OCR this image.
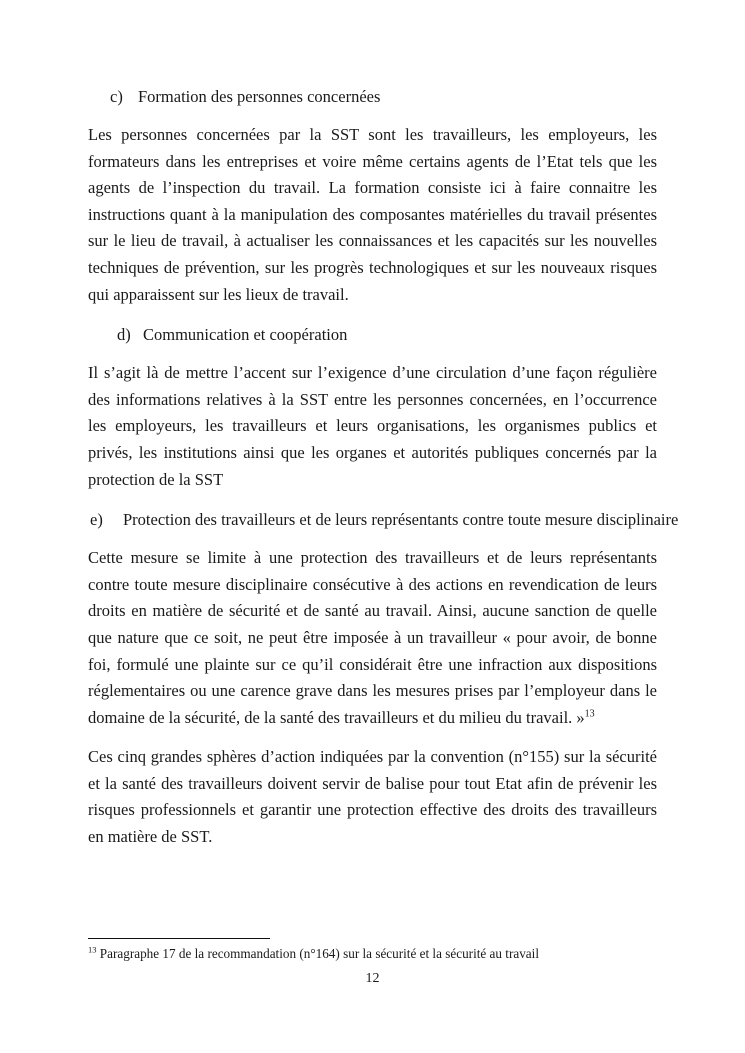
c) Formation des personnes concernées

Les personnes concernées par la SST sont les travailleurs, les employeurs, les formateurs dans les entreprises et voire même certains agents de l’Etat tels que les agents de l’inspection du travail. La formation consiste ici à faire connaitre les instructions quant à la manipulation des composantes matérielles du travail présentes sur le lieu de travail, à actualiser les connaissances et les capacités sur les nouvelles techniques de prévention, sur les progrès technologiques et sur les nouveaux risques qui apparaissent sur les lieux de travail.

d) Communication et coopération

Il s’agit là de mettre l’accent sur l’exigence d’une circulation d’une façon régulière des informations relatives à la SST entre les personnes concernées, en l’occurrence les employeurs, les travailleurs et leurs organisations, les organismes publics et privés, les institutions ainsi que les organes et autorités publiques concernés par la protection de la SST

e) Protection des travailleurs et de leurs représentants contre toute mesure disciplinaire

Cette mesure se limite à une protection des travailleurs et de leurs représentants contre toute mesure disciplinaire consécutive à des actions en revendication de leurs droits en matière de sécurité et de santé au travail. Ainsi, aucune sanction de quelle que nature que ce soit, ne peut être imposée à un travailleur « pour avoir, de bonne foi, formulé une plainte sur ce qu’il considérait être une infraction aux dispositions réglementaires ou une carence grave dans les mesures prises par l’employeur dans le domaine de la sécurité, de la santé des travailleurs et du milieu du travail. »$^{13}$

Ces cinq grandes sphères d’action indiquées par la convention (n°155) sur la sécurité et la santé des travailleurs doivent servir de balise pour tout Etat afin de prévenir les risques professionnels et garantir une protection effective des droits des travailleurs en matière de SST.

$^{13}$ Paragraphe 17 de la recommandation (n°164) sur la sécurité et la sécurité au travail
12
